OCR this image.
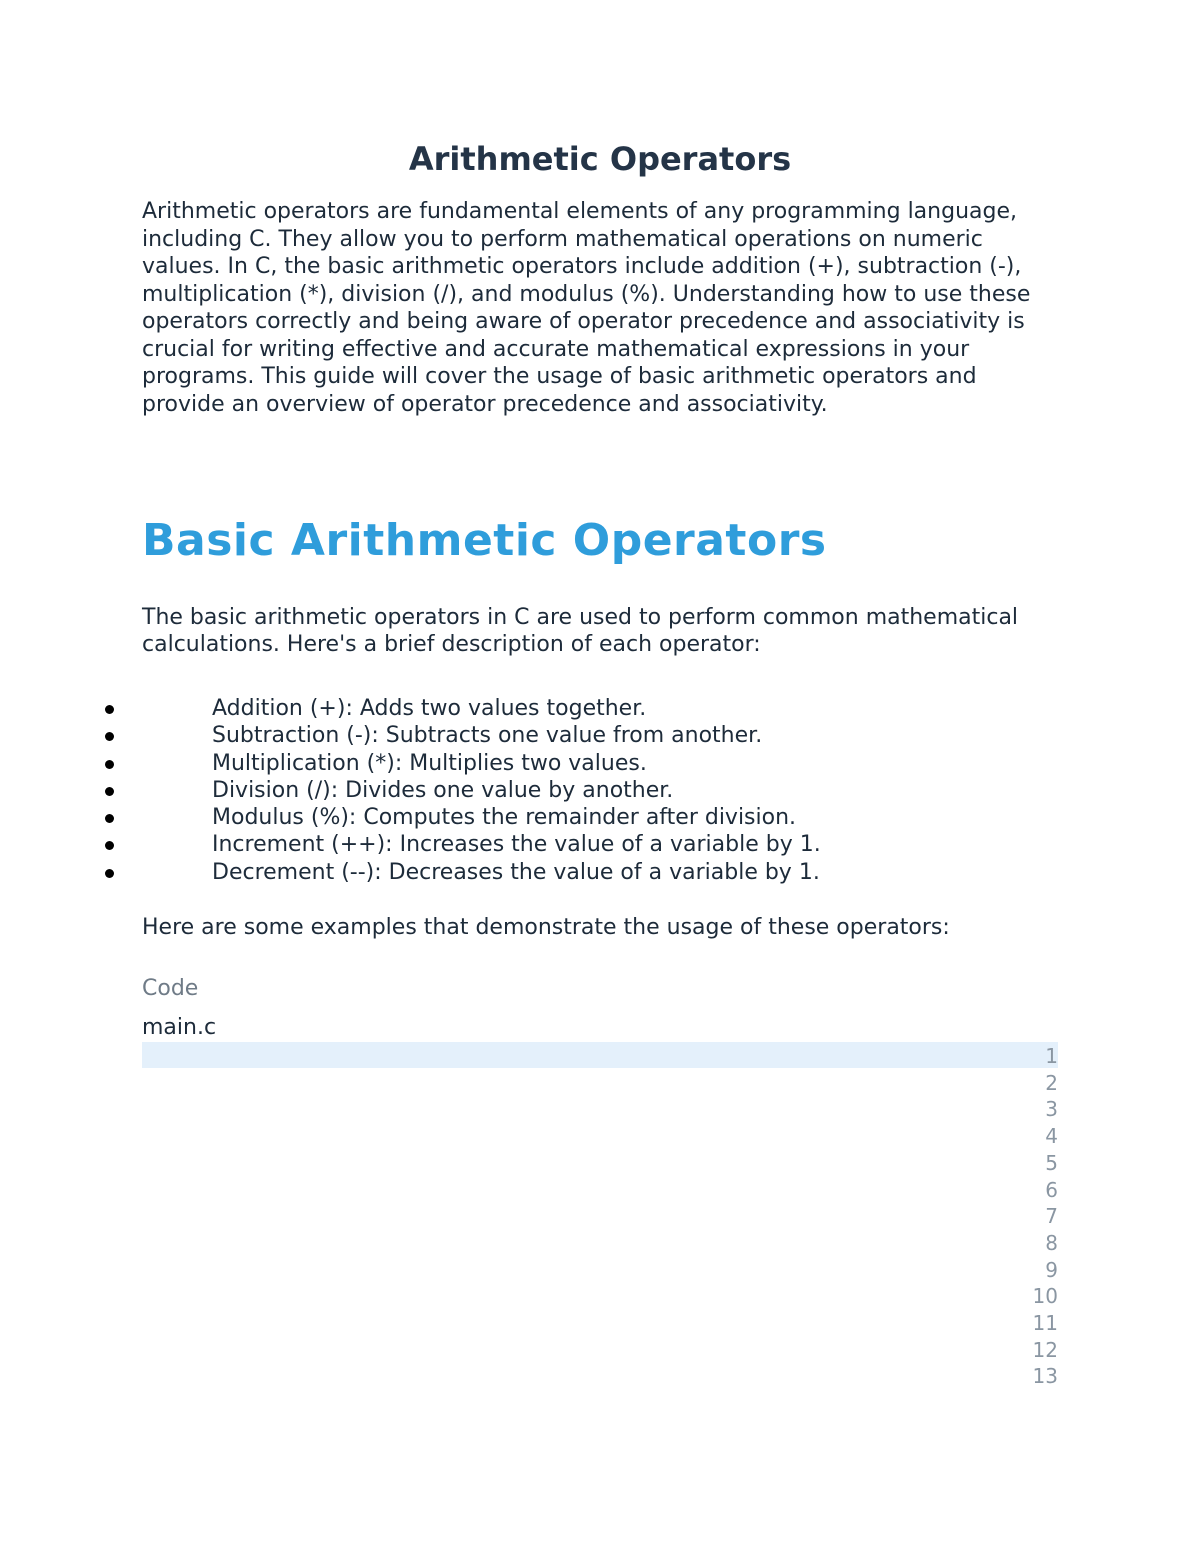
Arithmetic Operators

Arithmetic operators are fundamental elements of any programming language, including C. They allow you to perform mathematical operations on numeric values. In C, the basic arithmetic operators include addition (+), subtraction (-), multiplication (*), division (/), and modulus (%). Understanding how to use these operators correctly and being aware of operator precedence and associativity is crucial for writing effective and accurate mathematical expressions in your programs. This guide will cover the usage of basic arithmetic operators and provide an overview of operator precedence and associativity.

Basic Arithmetic Operators

The basic arithmetic operators in C are used to perform common mathematical calculations. Here's a brief description of each operator:

Addition (+): Adds two values together.
Subtraction (-): Subtracts one value from another.
Multiplication (*): Multiplies two values.
Division (/): Divides one value by another.
Modulus (%): Computes the remainder after division.
Increment (++): Increases the value of a variable by 1.
Decrement (--): Decreases the value of a variable by 1.

Here are some examples that demonstrate the usage of these operators:

Code

main.c

1
2
3
4
5
6
7
8
9
10
11
12
13
